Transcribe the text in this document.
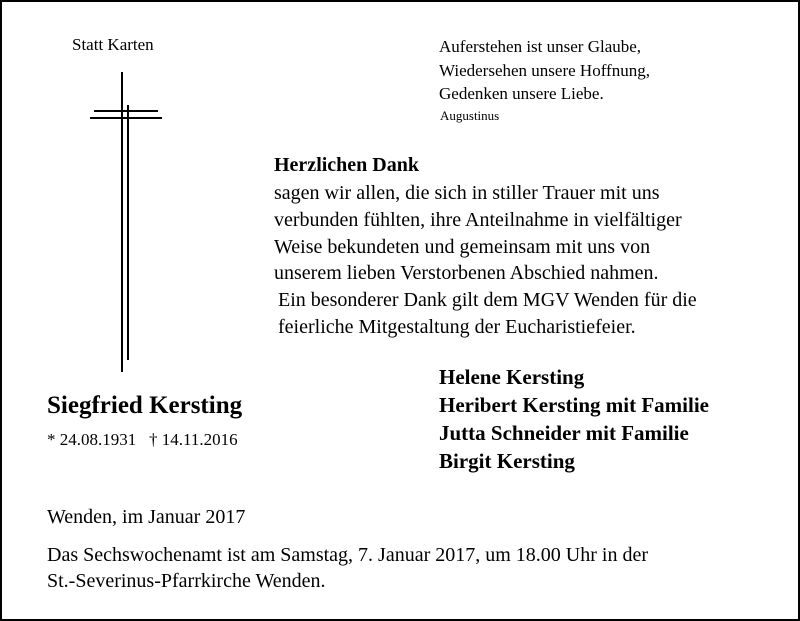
Statt Karten	Auferstehen ist unser Glaube,
Wiedersehen unsere Hoffnung,
Gedenken unsere Liebe.
Augustinus
Herzlichen Dank
sagen wir allen, die sich in stiller Trauer mit uns
verbunden fühlten, ihre Anteilnahme in vielfältiger
Weise bekundeten und gemeinsam mit uns von
unserem lieben Verstorbenen Abschied nahmen.
Ein besonderer Dank gilt dem MGV Wenden für die
feierliche Mitgestaltung der Eucharistiefeier.
Siegfried Kersting
* 24.08.1931   † 14.11.2016
Helene Kersting
Heribert Kersting mit Familie
Jutta Schneider mit Familie
Birgit Kersting
Wenden, im Januar 2017
Das Sechswochenamt ist am Samstag, 7. Januar 2017, um 18.00 Uhr in der
St.-Severinus-Pfarrkirche Wenden.
